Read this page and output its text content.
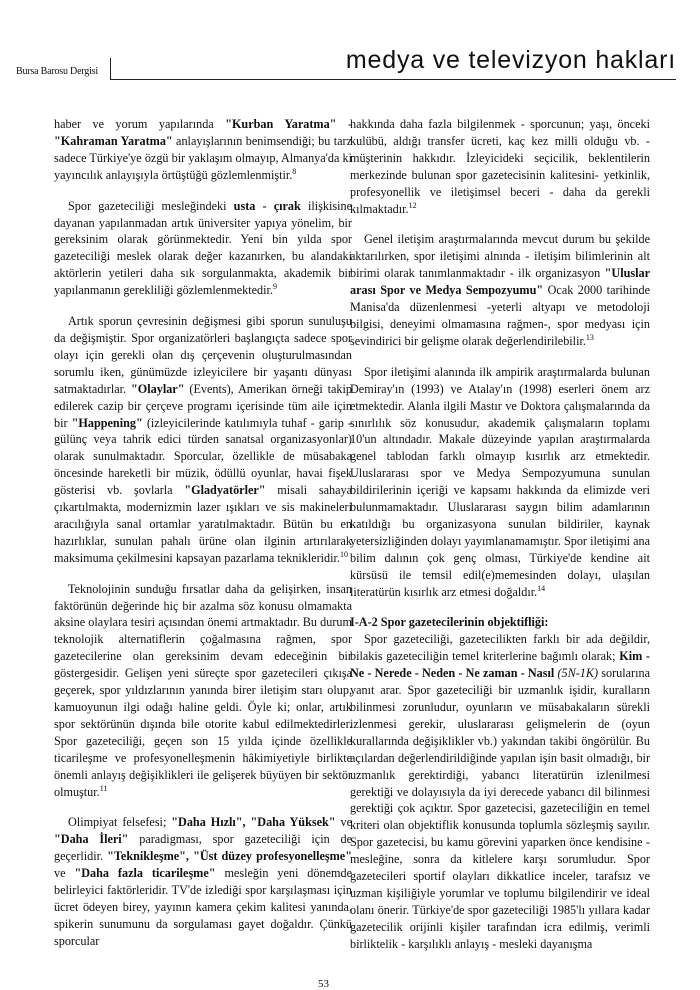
Bursa Barosu Dergisi	medya ve televizyon hakları

haber ve yorum yapılarında "Kurban Yaratma" - "Kahraman Yaratma" anlayışlarının benimsendiği; bu tarz sadece Türkiye'ye özgü bir yaklaşım olmayıp, Almanya'da ki yayıncılık anlayışıyla örtüştüğü gözlemlenmiştir.$^8$

Spor gazeteciliği mesleğindeki usta - çırak ilişkisine dayanan yapılanmadan artık üniversiter yapıya yönelim, bir gereksinim olarak görünmektedir. Yeni bin yılda spor gazeteciliği meslek olarak değer kazanırken, bu alandaki aktörlerin yetileri daha sık sorgulanmakta, akademik bir yapılanmanın gerekliliği gözlemlenmektedir.$^9$

Artık sporun çevresinin değişmesi gibi sporun sunuluşu da değişmiştir. Spor organizatörleri başlangıçta sadece spor olayı için gerekli olan dış çerçevenin oluşturulmasından sorumlu iken, günümüzde izleyicilere bir yaşantı dünyası satmaktadırlar. "Olaylar" (Events), Amerikan örneği takip edilerek cazip bir çerçeve programı içerisinde tüm aile için bir "Happening" (izleyicilerinde katılımıyla tuhaf - garip - gülünç veya tahrik edici türden sanatsal organizasyonlar) olarak sunulmaktadır. Sporcular, özellikle de müsabaka öncesinde hareketli bir müzik, ödüllü oyunlar, havai fişek gösterisi vb. şovlarla "Gladyatörler" misali sahaya çıkartılmakta, modernizmin lazer ışıkları ve sis makineleri aracılığıyla sanal ortamlar yaratılmaktadır. Bütün bu en hazırlıklar, sunulan pahalı ürüne olan ilginin artırılarak maksimuma çekilmesini kapsayan pazarlama teknikleridir.$^{10}$

Teknolojinin sunduğu fırsatlar daha da gelişirken, insan faktörünün değerinde hiç bir azalma söz konusu olmamakta aksine olaylara tesiri açısından önemi artmaktadır. Bu durum teknolojik alternatiflerin çoğalmasına rağmen, spor gazetecilerine olan gereksinim devam edeceğinin bir göstergesidir. Gelişen yeni süreçte spor gazetecileri çıkışa geçerek, spor yıldızlarının yanında birer iletişim starı olup, kamuoyunun ilgi odağı haline geldi. Öyle ki; onlar, artık spor sektörünün dışında bile otorite kabul edilmektedirler. Spor gazeteciliği, geçen son 15 yılda içinde özellikle ticarileşme ve profesyonelleşmenin hâkimiyetiyle birlikte önemli anlayış değişiklikleri ile gelişerek büyüyen bir sektör olmuştur.$^{11}$

Olimpiyat felsefesi; "Daha Hızlı", "Daha Yüksek" ve "Daha İleri" paradigması, spor gazeteciliği için de geçerlidir. "Teknikleşme", "Üst düzey profesyonelleşme" ve "Daha fazla ticarileşme" mesleğin yeni dönemde belirleyici faktörleridir. TV'de izlediği spor karşılaşması için ücret ödeyen birey, yayının kamera çekim kalitesi yanında, spikerin sunumunu da sorgulaması gayet doğaldır. Çünkü sporcular

hakkında daha fazla bilgilenmek - sporcunun; yaşı, önceki kulübü, aldığı transfer ücreti, kaç kez milli olduğu vb. - müşterinin hakkıdır. İzleyicideki seçicilik, beklentilerin merkezinde bulunan spor gazetecisinin kalitesini- yetkinlik, profesyonellik ve iletişimsel beceri - daha da gerekli kılmaktadır.$^{12}$

Genel iletişim araştırmalarında mevcut durum bu şekilde aktarılırken, spor iletişimi alnında - iletişim bilimlerinin alt birimi olarak tanımlanmaktadır - ilk organizasyon "Uluslar arası Spor ve Medya Sempozyumu" Ocak 2000 tarihinde Manisa'da düzenlenmesi -yeterli altyapı ve metodoloji bilgisi, deneyimi olmamasına rağmen-, spor medyası için sevindirici bir gelişme olarak değerlendirilebilir.$^{13}$

Spor iletişimi alanında ilk ampirik araştırmalarda bulunan Demiray'ın (1993) ve Atalay'ın (1998) eserleri önem arz etmektedir. Alanla ilgili Mastır ve Doktora çalışmalarında da sınırlılık söz konusudur, akademik çalışmaların toplamı 10'un altındadır. Makale düzeyinde yapılan araştırmalarda genel tablodan farklı olmayıp kısırlık arz etmektedir. Uluslararası spor ve Medya Sempozyumuna sunulan bildirilerinin içeriği ve kapsamı hakkında da elimizde veri bulunmamaktadır. Uluslararası saygın bilim adamlarının katıldığı bu organizasyona sunulan bildiriler, kaynak yetersizliğinden dolayı yayımlanamamıştır. Spor iletişimi ana bilim dalının çok genç olması, Türkiye'de kendine ait kürsüsü ile temsil edil(e)memesinden dolayı, ulaşılan literatürün kısırlık arz etmesi doğaldır.$^{14}$

I-A-2 Spor gazetecilerinin objektifliği:

Spor gazeteciliği, gazetecilikten farklı bir ada değildir, bilakis gazeteciliğin temel kriterlerine bağımlı olarak; Kim - Ne - Nerede - Neden - Ne zaman - Nasıl (5N-1K) sorularına yanıt arar. Spor gazeteciliği bir uzmanlık işidir, kuralların bilinmesi zorunludur, oyunların ve müsabakaların sürekli izlenmesi gerekir, uluslararası gelişmelerin de (oyun kurallarında değişiklikler vb.) yakından takibi öngörülür. Bu açılardan değerlendirildiğinde yapılan işin basit olmadığı, bir uzmanlık gerektirdiği, yabancı literatürün izlenilmesi gerektiği ve dolayısıyla da iyi derecede yabancı dil bilinmesi gerektiği çok açıktır. Spor gazetecisi, gazeteciliğin en temel kriteri olan objektiflik konusunda toplumla sözleşmiş sayılır. Spor gazetecisi, bu kamu görevini yaparken önce kendisine - mesleğine, sonra da kitlelere karşı sorumludur. Spor gazetecileri sportif olayları dikkatlice inceler, tarafsız ve uzman kişiliğiyle yorumlar ve toplumu bilgilendirir ve ideal olanı önerir. Türkiye'de spor gazeteciliği 1985'lı yıllara kadar gazetecilik orijinli kişiler tarafından icra edilmiş, verimli birliktelik - karşılıklı anlayış - mesleki dayanışma

53
